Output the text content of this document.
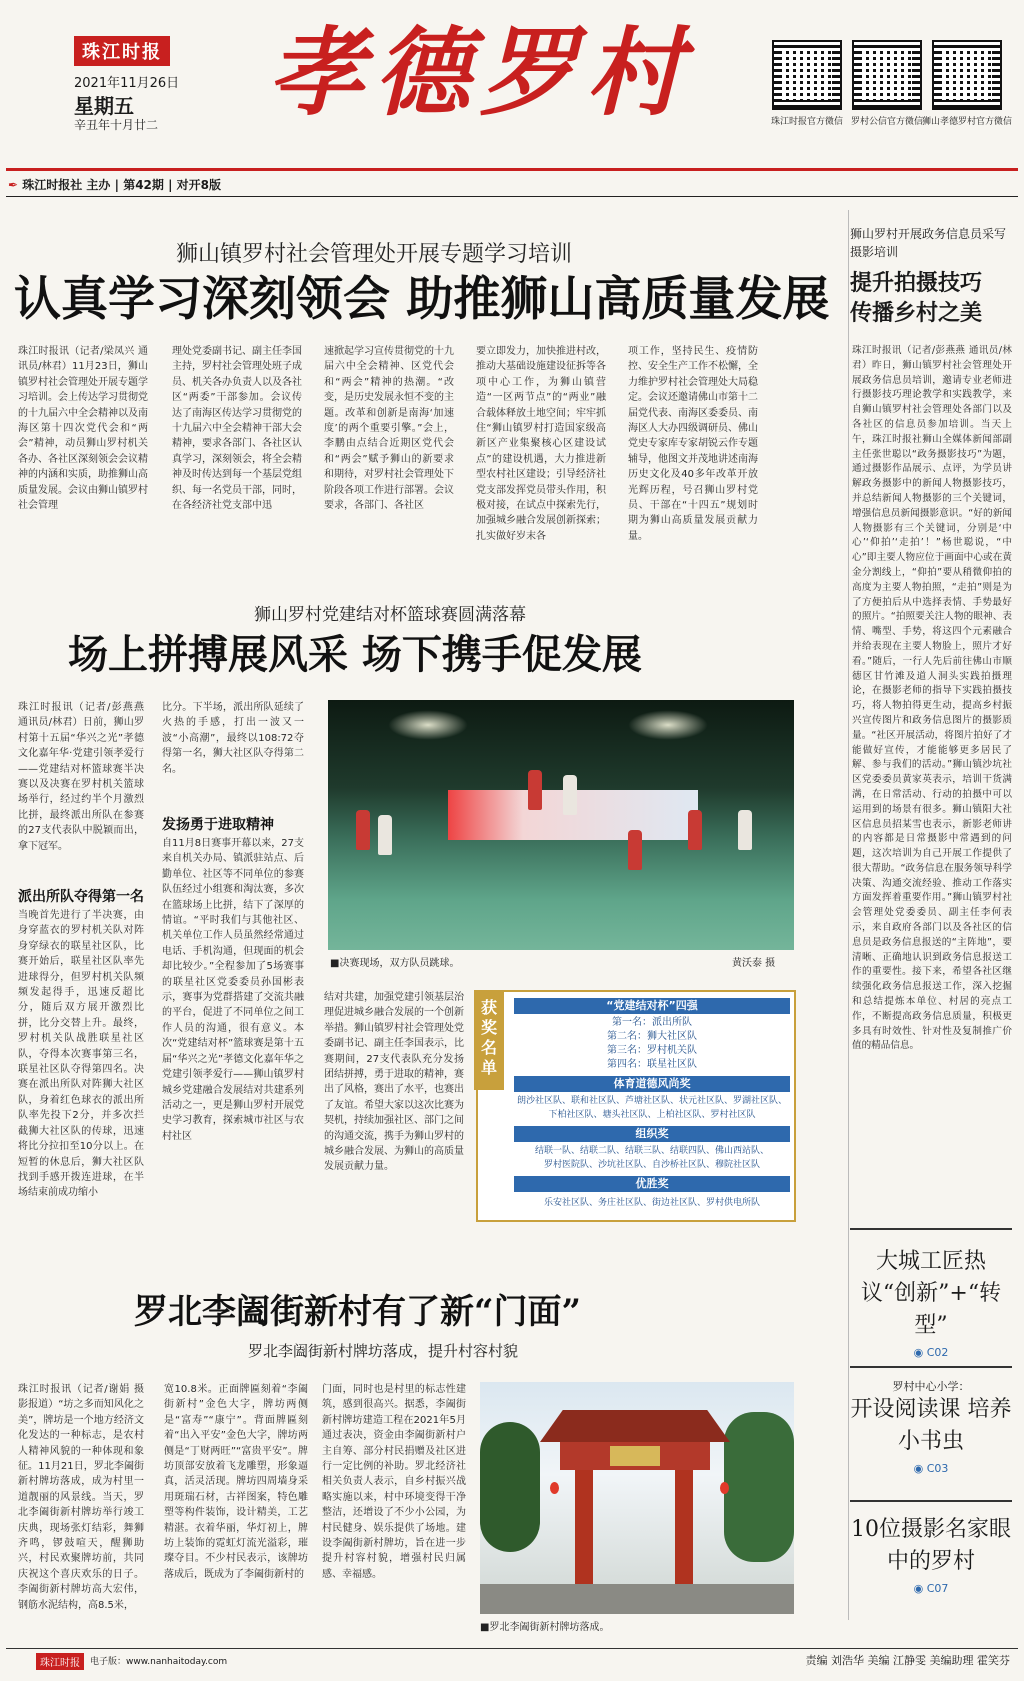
珠江时报
2021年11月26日
星期五
辛丑年十月廿二 孝德罗村	珠江时报官方微信 罗村公信官方微信 狮山孝德罗村官方微信
✒ 珠江时报社 主办 | 第42期 | 对开8版
狮山镇罗村社会管理处开展专题学习培训
认真学习深刻领会 助推狮山高质量发展
珠江时报讯（记者/梁凤兴 通讯员/林君）11月23日，狮山镇罗村社会管理处开展专题学习培训。会上传达学习贯彻党的十九届六中全会精神以及南海区第十四次党代会和“两会”精神，动员狮山罗村机关各办、各社区深刻领会会议精神的内涵和实质，助推狮山高质量发展。会议由狮山镇罗村社会管理
理处党委副书记、副主任李国主持，罗村社会管理处班子成员、机关各办负责人以及各社区“两委”干部参加。会议传达了南海区传达学习贯彻党的十九届六中全会精神干部大会精神，要求各部门、各社区认真学习，深刻领会，将全会精神及时传达到每一个基层党组织、每一名党员干部，同时，在各经济社党支部中迅
速掀起学习宣传贯彻党的十九届六中全会精神、区党代会和“两会”精神的热潮。“改变，是历史发展永恒不变的主题。改革和创新是南海‘加速度’的两个重要引擎。”会上，李鹏由点结合近期区党代会和“两会”赋予狮山的新要求和期待，对罗村社会管理处下阶段各项工作进行部署。会议要求，各部门、各社区
要立即发力，加快推进村改，推动大基础设施建设征拆等各项中心工作，为狮山镇营造“一区两节点”的“两业”融合载体释放土地空间；牢牢抓住“狮山镇罗村打造国家级高新区产业集聚核心区建设试点”的建设机遇，大力推进新型农村社区建设；引导经济社党支部发挥党员带头作用，积极对接，在试点中探索先行，加强城乡融合发展创新探索；扎实做好岁末各
项工作，坚持民生、疫情防控、安全生产工作不松懈，全力维护罗村社会管理处大局稳定。会议还邀请佛山市第十二届党代表、南海区委委员、南海区人大办四级调研员、佛山党史专家库专家胡锐云作专题辅导，他图文并茂地讲述南海历史文化及40多年改革开放光辉历程，号召狮山罗村党员、干部在“十四五”规划时期为狮山高质量发展贡献力量。
狮山罗村党建结对杯篮球赛圆满落幕
场上拼搏展风采 场下携手促发展
珠江时报讯（记者/彭燕燕 通讯员/林君）日前，狮山罗村第十五届“华兴之光”孝德文化嘉年华·党建引领孝爱行——党建结对杯篮球赛半决赛以及决赛在罗村机关篮球场举行，经过约半个月激烈比拼，最终派出所队在参赛的27支代表队中脱颖而出，拿下冠军。
派出所队夺得第一名
当晚首先进行了半决赛，由身穿蓝衣的罗村机关队对阵身穿绿衣的联星社区队，比赛开始后，联星社区队率先进球得分，但罗村机关队频频发起得手，迅速反超比分，随后双方展开激烈比拼，比分交替上升。最终，罗村机关队战胜联星社区队，夺得本次赛事第三名，联星社区队夺得第四名。决赛在派出所队对阵狮大社区队，身着红色球衣的派出所队率先投下2分，并多次拦截狮大社区队的传球，迅速将比分拉扣至10分以上。在短暂的休息后，狮大社区队找到手感开拨连进球，在半场结束前成功缩小
比分。下半场，派出所队延续了火热的手感，打出一波又一波“小高潮”，最终以108:72夺得第一名，狮大社区队夺得第二名。
发扬勇于进取精神
自11月8日赛事开幕以来，27支来自机关办局、镇派驻站点、后勤单位、社区等不同单位的参赛队伍经过小组赛和淘汰赛，多次在篮球场上比拼，结下了深厚的情谊。“平时我们与其他社区、机关单位工作人员虽然经常通过电话、手机沟通，但现面的机会却比较少。”全程参加了5场赛事的联星社区党委委员孙国彬表示，赛事为党群搭建了交流共融的平台，促进了不同单位之间工作人员的沟通，很有意义。本次“党建结对杯”篮球赛是第十五届“华兴之光”孝德文化嘉年华之党建引领孝爱行——狮山镇罗村城乡党建融合发展结对共建系列活动之一，更是狮山罗村开展党史学习教育，探索城市社区与农村社区
■决赛现场，双方队员跳球。	黄沃泰 摄
结对共建，加强党建引领基层治理促进城乡融合发展的一个创新举措。狮山镇罗村社会管理处党委副书记、副主任李国表示，比赛期间，27支代表队充分发扬团结拼搏，勇于进取的精神，赛出了风格，赛出了水平，也赛出了友谊。希望大家以这次比赛为契机，持续加强社区、部门之间的沟通交流，携手为狮山罗村的城乡融合发展、为狮山的高质量发展贡献力量。
“党建结对杯”四强
第一名：派出所队
第二名：狮大社区队
第三名：罗村机关队
第四名：联星社区队
体育道德风尚奖
朗沙社区队、联和社区队、芦塘社区队、状元社区队、罗湖社区队、
下柏社区队、塘头社区队、上柏社区队、罗村社区队
组织奖
结联一队、结联二队、结联三队、结联四队、佛山西站队、
罗村医院队、沙坑社区队、自沙桥社区队、穆院社区队
优胜奖
乐安社区队、务庄社区队、街边社区队、罗村供电所队
获奖名单
罗北李阖街新村有了新“门面”
罗北李阖街新村牌坊落成，提升村容村貌
珠江时报讯（记者/谢娟 摄影报道）“坊之多而知风化之美”，牌坊是一个地方经济文化发达的一种标志，是农村人精神风貌的一种体现和象征。11月21日，罗北李阖街新村牌坊落成，成为村里一道靓丽的风景线。当天，罗北李阖街新村牌坊举行竣工庆典，现场张灯结彩，舞狮齐鸣，锣鼓喧天，醒狮助兴，村民欢聚牌坊前，共同庆祝这个喜庆欢乐的日子。李阖街新村牌坊高大宏伟，钢筋水泥结构，高8.5米，
宽10.8米。正面牌匾刻着“李阖街新村”金色大字，牌坊两侧是“富寿”“康宁”。背面牌匾刻着“出入平安”金色大字，牌坊两侧是“丁财两旺”“富贵平安”。牌坊顶部安放着飞龙雕塑，形象逼真，活灵活现。牌坊四周墙身采用斑瑞石材，古祥图案，特色雕塑等构件装饰，设计精美，工艺精湛。衣着华丽，华灯初上，牌坊上装饰的霓虹灯流光溢彩，璀璨夺目。不少村民表示，该牌坊落成后，既成为了李阖街新村的
门面，同时也是村里的标志性建筑，感到很高兴。据悉，李阖街新村牌坊建造工程在2021年5月通过表决，资金由李阖街新村户主自筹、部分村民捐赠及社区进行一定比例的补助。罗北经济社相关负责人表示，自乡村振兴战略实施以来，村中环境变得干净整洁，还增设了不少小公园，为村民健身、娱乐提供了场地。建设李阖街新村牌坊，旨在进一步提升村容村貌，增强村民归属感、幸福感。
■罗北李阖街新村牌坊落成。
狮山罗村开展政务信息员采写摄影培训
提升拍摄技巧 传播乡村之美
珠江时报讯（记者/彭燕燕 通讯员/林君）昨日，狮山镇罗村社会管理处开展政务信息员培训，邀请专业老师进行摄影技巧理论教学和实践教学，来自狮山镇罗村社会管理处各部门以及各社区的信息员参加培训。当天上午，珠江时报社狮山全媒体新闻部副主任张世聪以“政务摄影技巧”为题，通过摄影作品展示、点评，为学员讲解政务摄影中的新闻人物摄影技巧，并总结新闻人物摄影的三个关键词，增强信息员新闻摄影意识。“好的新闻人物摄影有三个关键词，分别是‘中心’‘仰拍’‘走拍’！”杨世聪说，“中心”即主要人物应位于画面中心或在黄金分割线上，“仰拍”要从稍微仰拍的高度为主要人物拍照，“走拍”则是为了方便拍后从中选择表情、手势最好的照片。“拍照要关注人物的眼神、表情、嘴型、手势，将这四个元素融合并给表现在主要人物脸上，照片才好看。”随后，一行人先后前往佛山市顺德区甘竹滩及道人洞头实践拍摄理论，在摄影老师的指导下实践拍摄技巧，将人物拍得更生动，提高乡村振兴宣传图片和政务信息图片的摄影质量。“社区开展活动，将图片拍好了才能做好宣传，才能能够更多居民了解、参与我们的活动。”狮山镇沙坑社区党委委员黄家英表示，培训干货满满，在日常活动、行动的拍摄中可以运用到的场景有很多。狮山镇阳大社区信息员招某雪也表示，新影老师讲的内容都是日常摄影中常遇到的问题，这次培训为自己开展工作提供了很大帮助。“政务信息在服务领导科学决策、沟通交流经验、推动工作落实方面发挥着重要作用。”狮山镇罗村社会管理处党委委员、副主任李何表示，来自政府各部门以及各社区的信息员是政务信息报送的“主阵地”，要清晰、正确地认识到政务信息报送工作的重要性。接下来，希望各社区继续强化政务信息报送工作，深入挖掘和总结提炼本单位、村居的亮点工作，不断提高政务信息质量，积极更多具有时效性、针对性及复制推广价值的精品信息。
大城工匠热议“创新”+“转型”
◉ C02
罗村中心小学：
开设阅读课 培养小书虫
◉ C03
10位摄影名家眼中的罗村
◉ C07
珠江时报	电子版：www.nanhaitoday.com	责编 刘浩华 美编 江静雯 美编助理 霍笑芬
